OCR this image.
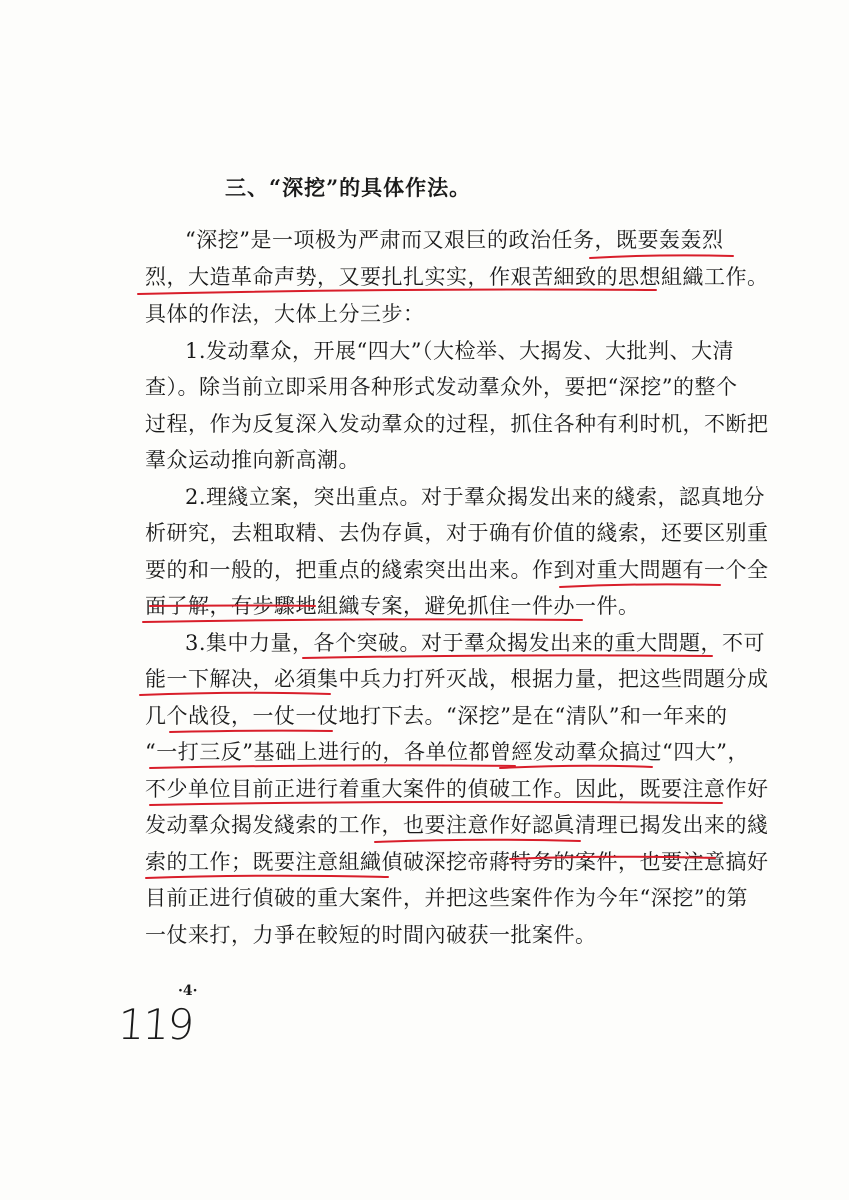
三、“深挖”的具体作法。
“深挖”是一项极为严肃而又艰巨的政治任务，既要轰轰烈
烈，大造革命声势，又要扎扎实实，作艰苦細致的思想組織工作。
具体的作法，大体上分三步：
1.发动羣众，开展“四大”（大检举、大揭发、大批判、大清
查）。除当前立即采用各种形式发动羣众外，要把“深挖”的整个
过程，作为反复深入发动羣众的过程，抓住各种有利时机，不断把
羣众运动推向新高潮。
2.理綫立案，突出重点。对于羣众揭发出来的綫索，認真地分
析研究，去粗取精、去伪存眞，对于确有价值的綫索，还要区别重
要的和一般的，把重点的綫索突出出来。作到对重大問題有一个全
面了解，有步驟地組織专案，避免抓住一件办一件。
3.集中力量，各个突破。对于羣众揭发出来的重大問題，不可
能一下解决，必須集中兵力打歼灭战，根据力量，把这些問題分成
几个战役，一仗一仗地打下去。“深挖”是在“清队”和一年来的
“一打三反”基础上进行的，各单位都曾經发动羣众搞过“四大”，
不少单位目前正进行着重大案件的偵破工作。因此，既要注意作好
发动羣众揭发綫索的工作，也要注意作好認眞清理已揭发出来的綫
索的工作；既要注意組織偵破深挖帝蔣特务的案件，也要注意搞好
目前正进行偵破的重大案件，并把这些案件作为今年“深挖”的第
一仗来打，力爭在較短的时間內破获一批案件。
·4·
119
